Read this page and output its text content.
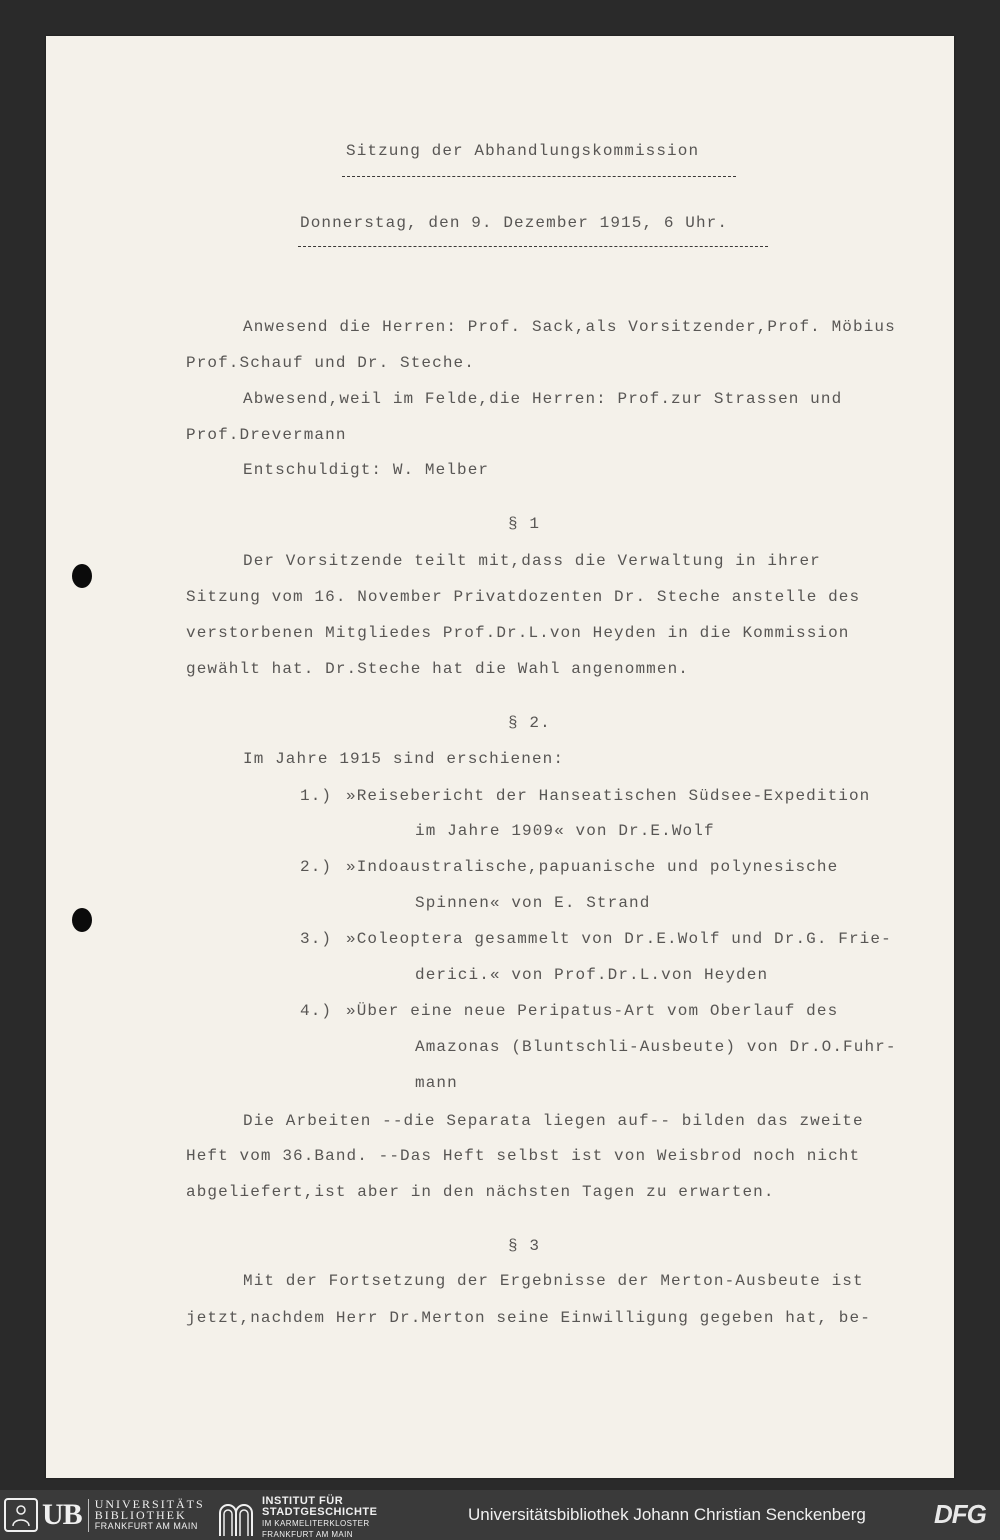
Sitzung der Abhandlungskommission
Donnerstag, den 9. Dezember 1915, 6 Uhr.
Anwesend die Herren: Prof. Sack,als Vorsitzender,Prof. Möbius
Prof.Schauf und Dr. Steche.
Abwesend,weil im Felde,die Herren: Prof.zur Strassen und
Prof.Drevermann
Entschuldigt: W. Melber
§ 1
Der Vorsitzende teilt mit,dass die Verwaltung in ihrer
Sitzung vom 16. November Privatdozenten Dr. Steche anstelle des
verstorbenen Mitgliedes Prof.Dr.L.von Heyden in die Kommission
gewählt hat. Dr.Steche hat die Wahl angenommen.
§ 2.
Im Jahre 1915 sind erschienen:
1.) »Reisebericht der Hanseatischen Südsee-Expedition
im Jahre 1909« von Dr.E.Wolf
2.) »Indoaustralische,papuanische und polynesische
Spinnen« von E. Strand
3.) »Coleoptera gesammelt von Dr.E.Wolf und Dr.G. Frie-
derici.« von Prof.Dr.L.von Heyden
4.) »Über eine neue Peripatus-Art vom Oberlauf des
Amazonas (Bluntschli-Ausbeute) von Dr.O.Fuhr-
mann
Die Arbeiten --die Separata liegen auf-- bilden das zweite
Heft vom 36.Band. --Das Heft selbst ist von Weisbrod noch nicht
abgeliefert,ist aber in den nächsten Tagen zu erwarten.
§ 3
Mit der Fortsetzung der Ergebnisse der Merton-Ausbeute ist
jetzt,nachdem Herr Dr.Merton seine Einwilligung gegeben hat, be-
UB UNIVERSITÄTS
BIBLIOTHEK
FRANKFURT AM MAIN
INSTITUT FÜR
STADTGESCHICHTE
IM KARMELITERKLOSTER
FRANKFURT AM MAIN
Universitätsbibliothek Johann Christian Senckenberg	DFG
